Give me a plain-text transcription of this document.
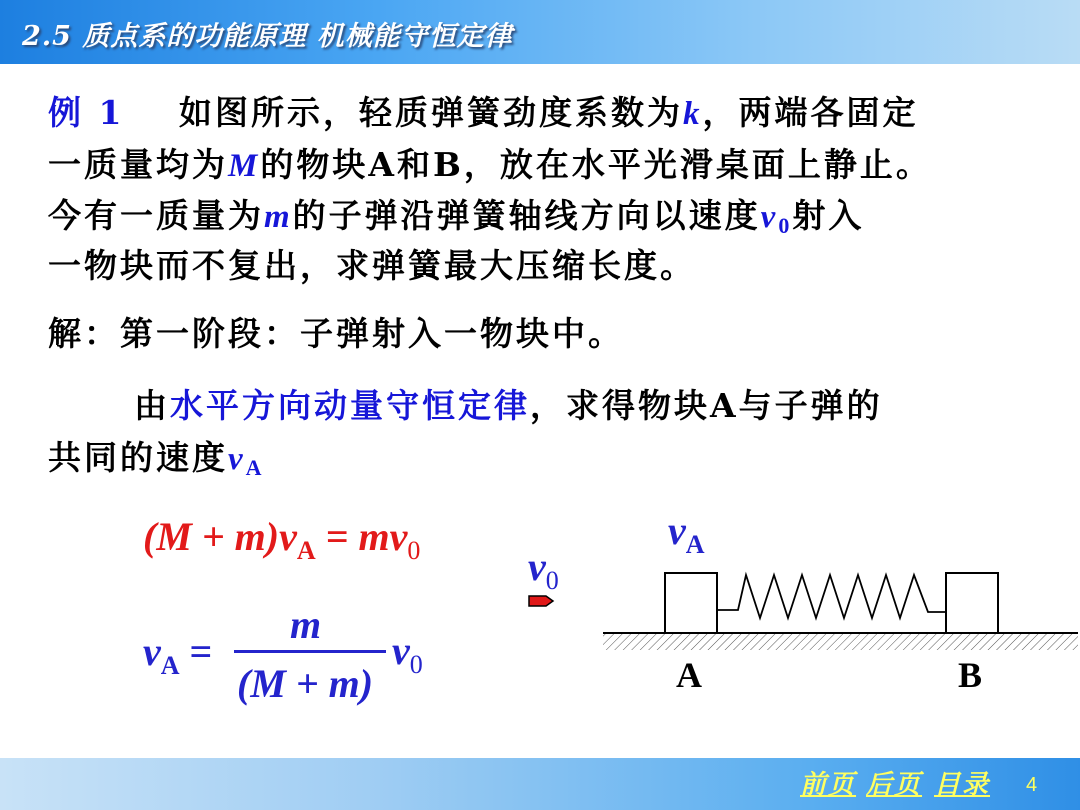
2.5 质点系的功能原理 机械能守恒定律
例 1 如图所示，轻质弹簧劲度系数为k，两端各固定
一质量均为M的物块A和B，放在水平光滑桌面上静止。
今有一质量为m的子弹沿弹簧轴线方向以速度$v_0$射入
一物块而不复出，求弹簧最大压缩长度。
解：第一阶段：子弹射入一物块中。
由水平方向动量守恒定律，求得物块A与子弹的
共同的速度$v_A$
$(M + m)v_A = mv_0$
$v_A$ =
m
(M + m)
$v_0$
$v_A$
$v_0$
A	B
前页 后页 目录 4
